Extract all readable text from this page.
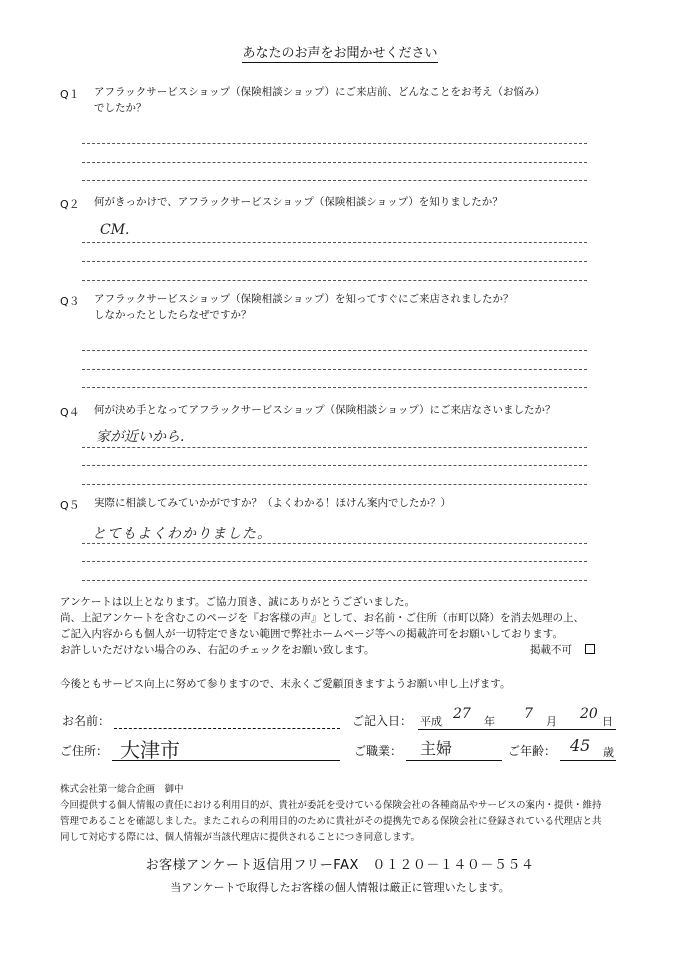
あなたのお声をお聞かせください
Q１ アフラックサービスショップ（保険相談ショップ）にご来店前、どんなことをお考え（お悩み）
でしたか？
Q２ 何がきっかけで、アフラックサービスショップ（保険相談ショップ）を知りましたか？
CM.
Q３ アフラックサービスショップ（保険相談ショップ）を知ってすぐにご来店されましたか？
しなかったとしたらなぜですか？
Q４ 何が決め手となってアフラックサービスショップ（保険相談ショップ）にご来店なさいましたか？
家が近いから.
Q５ 実際に相談してみていかがですか？（よくわかる！ほけん案内でしたか？）
とてもよくわかりました。
アンケートは以上となります。ご協力頂き、誠にありがとうございました。
尚、上記アンケートを含むこのページを『お客様の声』として、お名前・ご住所（市町以降）を消去処理の上、
ご記入内容からも個人が一切特定できない範囲で弊社ホームページ等への掲載許可をお願いしております。
お許しいただけない場合のみ、右記のチェックをお願い致します。	掲載不可
今後ともサービス向上に努めて参りますので、末永くご愛顧頂きますようお願い申し上げます。
お名前：	ご記入日： 平成 27 年 7 月 20 日
ご住所： 大津市	ご職業： 主婦	ご年齢： 45 歳
株式会社第一総合企画　御中
今回提供する個人情報の責任における利用目的が、貴社が委託を受けている保険会社の各種商品やサービスの案内・提供・維持
管理であることを確認しました。またこれらの利用目的のために貴社がその提携先である保険会社に登録されている代理店と共
同して対応する際には、個人情報が当該代理店に提供されることにつき同意します。
お客様アンケート返信用フリーFAX　０１２０－１４０－５５４
当アンケートで取得したお客様の個人情報は厳正に管理いたします。
